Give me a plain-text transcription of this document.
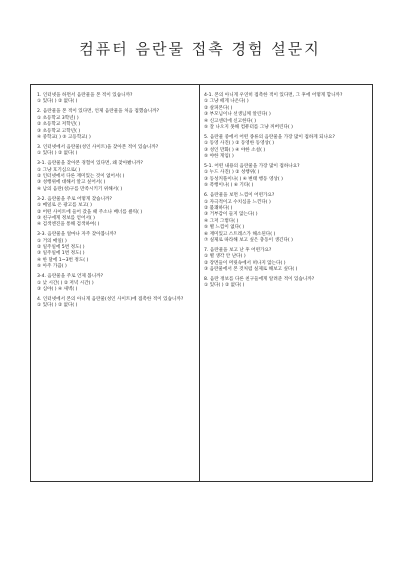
컴퓨터 음란물 접촉 경험 설문지
1. 인터넷을 하면서 음란물을 본 적이 있습니까?
① 있다( ) ② 없다( )
2. 음란물을 본 적이 있다면, 언제 음란물을 처음 접했습니까?
① 초등학교 3학년( )
② 초등학교 저학년( )
③ 초등학교 고학년( )
④ 중학교( ) ⑤ 고등학교( )
3. 인터넷에서 음란물(성인 사이트)을 찾아본 적이 있습니까?
① 있다( ) ② 없다( )
3-1. 음란물을 찾아본 경험이 있다면, 왜 찾아봤니까?
① 그냥 호기심으로( )
② 인터넷에서 다른 재미있는 것이 없어서( )
③ 성행위에 대해서 알고 싶어서( )
④ 남의 음란(성)구를 만족시키기 위해서( )
3-2. 음란물을 주로 어떻게 찾습니까?
① 메일로 온 광고를 보고( )
② 어떤 사이트에 들어 갔을 때 주소나 배너를 클릭( )
③ 친구에게 정보를 얻어서( )
④ 검색엔진을 통해 검색하여( )
3-3. 음란물을 얼마나 자주 찾아봅니까?
① 거의 매일( )
② 일주일에 5번 정도( )
③ 일주일에 1번 정도( )
④ 한 달에 1~3번 정도( )
⑤ 아주 가끔( )
3-4. 음란물을 주로 언제 봅니까?
① 낮 시간( ) ② 저녁 시간( )
③ 심야( ) ④ 새벽( )
4. 인터넷에서 본의 아니게 음란물(성인 사이트)에 접촉한 적이 있습니까?
① 있다( ) ② 없다( )
4-1. 본의 아니게 우연히 접촉한 적이 있다면, 그 후에 어떻게 합니까?
① 그냥 떼게 나온다( )
② 살펴본다( )
③ 부모님이나 선생님께 알린다( )
④ 신고센터에 신고한다( )
⑤ 잘 나오지 못해 컴퓨터를 그냥 꺼버린다( )
5. 음란물 중에서 어떤 종류의 음란물을 가장 많이 접하게 되나요?
① 동영 사진( ) ② 동영한 동영상( )
③ 성인 만화( ) ④ 야한 소설( )
⑤ 야한 게임( )
5-1. 어떤 내용의 음란물을 가장 많이 접하나요?
① 누드 사진( ) ② 성행위( )
③ 동성커플이나( ) ④ 변태 행동 영상( )
⑤ 폭행이나( ) ⑥ 기타( )
6. 음란물을 보면 느낌이 어떤가요?
① 자극적이고 수치심을 느낀다( )
② 불쾌하다( )
③ 거부감이 들지 않는다( )
④ 그저 그렇다( )
⑤ 별 느낌이 없다( )
⑥ 재미있고 스트레스가 해소된다( )
⑦ 실제로 따라해 보고 싶은 충동이 생긴다( )
7. 음란물을 보고 난 후 어떤가요?
① 별 생각 안 난다( )
② 장면들이 머릿속에서 떠나지 않는다( )
③ 음란물에서 본 것처럼 실제로 해보고 싶다( )
8. 음란 정보를 다른 친구들에게 알려준 적이 있습니까?
① 있다( ) ② 없다( )
